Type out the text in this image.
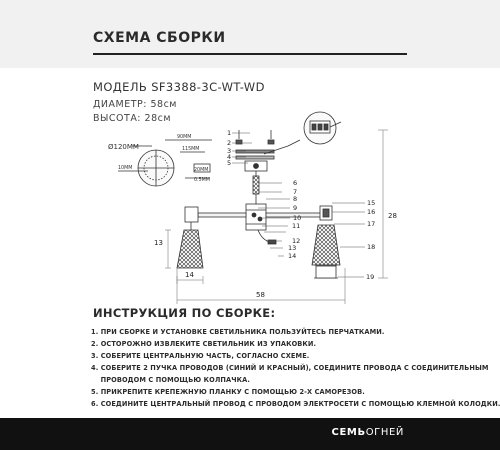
СХЕМА СБОРКИ
МОДЕЛЬ SF3388-3C-WT-WD
ДИАМЕТР: 58см
ВЫСОТА: 28см
Ø120MM
90MM
115MM
20MM
10MM
0.5MM
1
2
3
4
5
6
7
8
9
10
11
12
13
14
15
16
17
18
19
28
58
13
14
ИНСТРУКЦИЯ ПО СБОРКЕ:
1. ПРИ СБОРКЕ И УСТАНОВКЕ СВЕТИЛЬНИКА ПОЛЬЗУЙТЕСЬ ПЕРЧАТКАМИ.
2. ОСТОРОЖНО ИЗВЛЕКИТЕ СВЕТИЛЬНИК ИЗ УПАКОВКИ.
3. СОБЕРИТЕ ЦЕНТРАЛЬНУЮ ЧАСТЬ, СОГЛАСНО СХЕМЕ.
4. СОБЕРИТЕ 2 ПУЧКА ПРОВОДОВ (СИНИЙ И КРАСНЫЙ), СОЕДИНИТЕ ПРОВОДА С СОЕДИНИТЕЛЬНЫМ
ПРОВОДОМ С ПОМОЩЬЮ КОЛПАЧКА.
5. ПРИКРЕПИТЕ КРЕПЕЖНУЮ ПЛАНКУ С ПОМОЩЬЮ 2-Х САМОРЕЗОВ.
6. СОЕДИНИТЕ ЦЕНТРАЛЬНЫЙ ПРОВОД С ПРОВОДОМ ЭЛЕКТРОСЕТИ С ПОМОЩЬЮ КЛЕМНОЙ КОЛОДКИ.
СЕМЬОГНЕЙ
